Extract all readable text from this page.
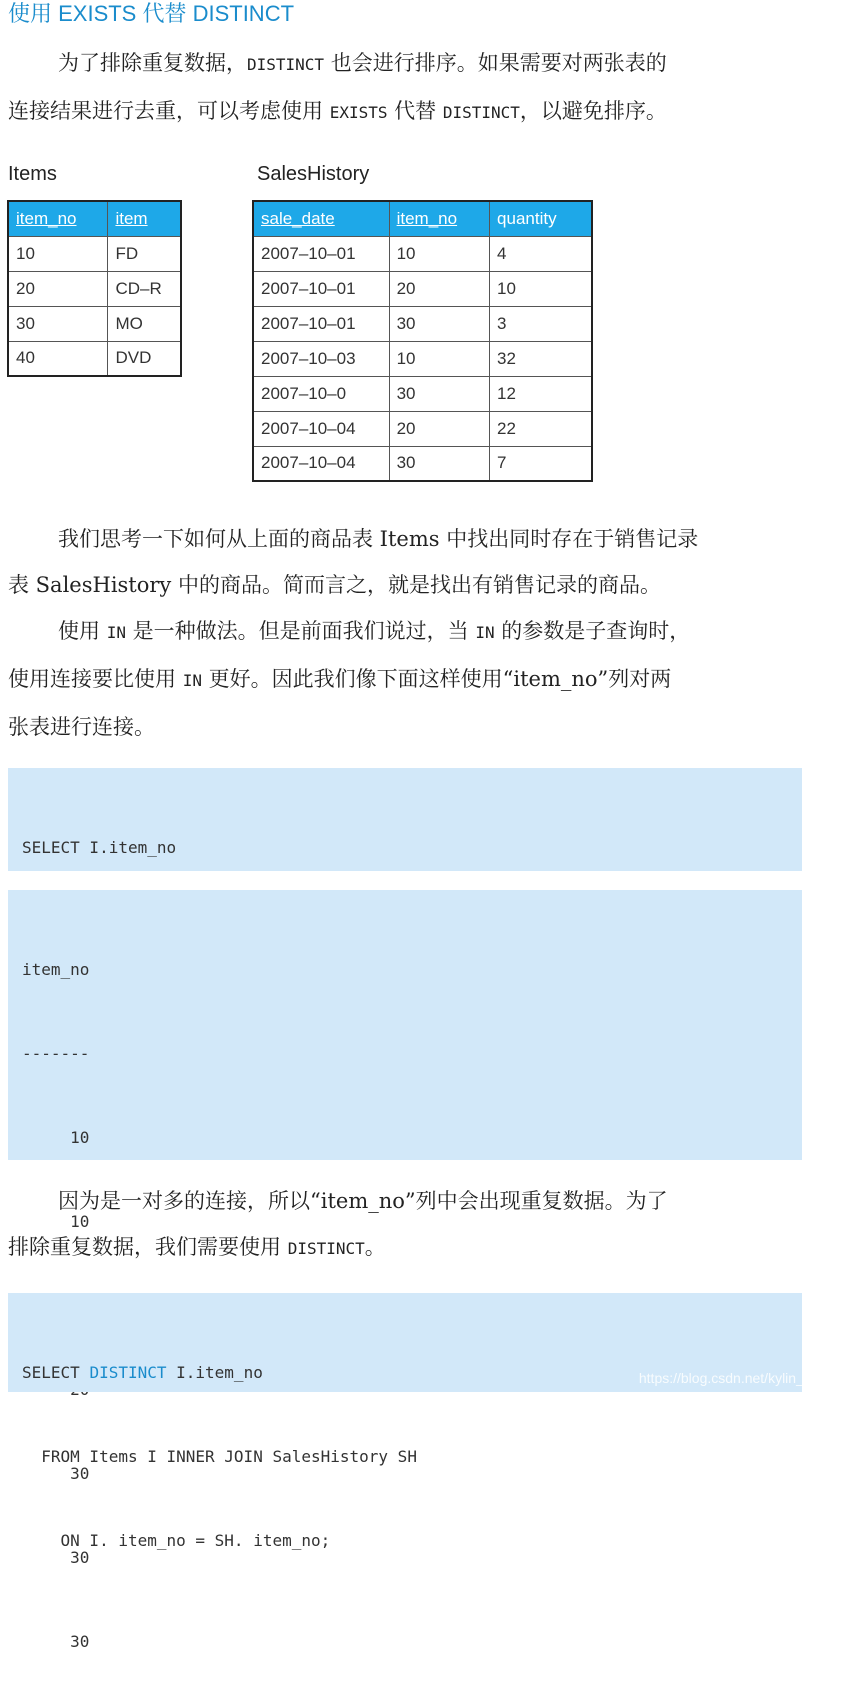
使用 EXISTS 代替 DISTINCT
为了排除重复数据，DISTINCT 也会进行排序。如果需要对两张表的
连接结果进行去重，可以考虑使用 EXISTS 代替 DISTINCT，以避免排序。
Items
item_no	item
10	FD
20	CD–R
30	MO
40	DVD
SalesHistory
sale_date	item_no	quantity
2007–10–01	10	4
2007–10–01	20	10
2007–10–01	30	3
2007–10–03	10	32
2007–10–0	30	12
2007–10–04	20	22
2007–10–04	30	7
我们思考一下如何从上面的商品表 Items 中找出同时存在于销售记录
表 SalesHistory 中的商品。简而言之，就是找出有销售记录的商品。
使用 IN 是一种做法。但是前面我们说过，当 IN 的参数是子查询时，
使用连接要比使用 IN 更好。因此我们像下面这样使用“item_no”列对两
张表进行连接。

SELECT I.item_no

item_no

-------

10

10

30

30

30

因为是一对多的连接，所以“item_no”列中会出现重复数据。为了
排除重复数据，我们需要使用 DISTINCT。

SELECT DISTINCT I.item_no

FROM Items I INNER JOIN SalesHistory SH

ON I. item_no = SH. item_no;

https://blog.csdn.net/kylin_learn
